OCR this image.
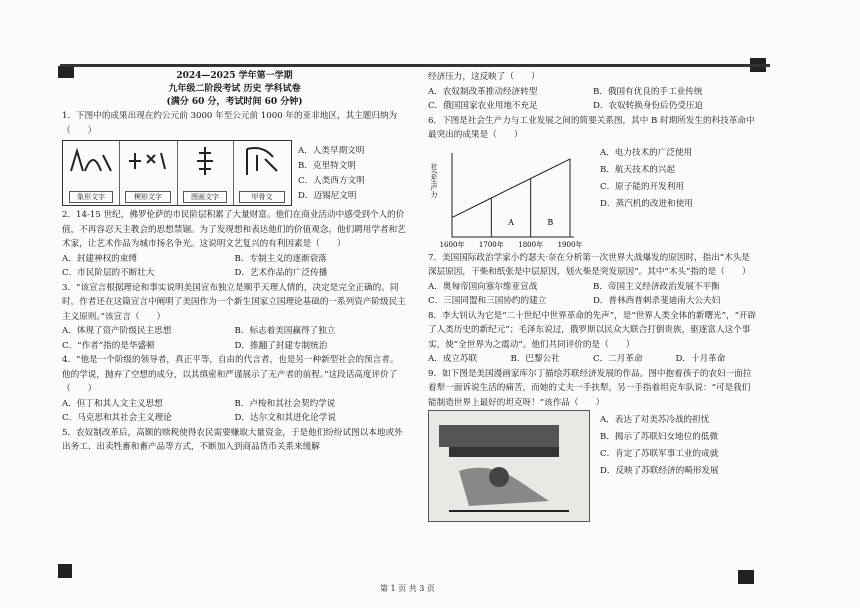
2024—2025 学年第一学期
九年级二阶段考试 历史 学科试卷
(满分 60 分，考试时间 60 分钟)

1．下图中的成果出现在约公元前 3000 年至公元前 1000 年的亚非地区，其主题归纳为（　　）

象形文字	楔形文字	图画文字	甲骨文
A．人类早期文明
B．克里特文明
C．人类西方文明
D．迈锡尼文明

2．14-15 世纪，佛罗伦萨的市民阶层积累了大量财富。他们在商业活动中感受到个人的价值，不再容忍天主教会的思想禁锢。为了发现想和表达他们的价值观念，他们聘用学者和艺术家，让艺术作品为城市扬名争光。这说明文艺复兴的有利因素是（　　）

A．封建神权的束缚	B．专制主义的逐渐衰落
C．市民阶层的不断壮大	D．艺术作品的广泛传播

3．“该宣言根据理论和事实说明美国宣布独立是顺乎天理人情的，决定是完全正确的。同时，作者还在这篇宣言中阐明了美国作为一个新生国家立国理论基础的一系列资产阶级民主主义原则。”该宣言（　　）

A．体现了资产阶级民主思想	B．标志着美国赢得了独立
C．“作者”指的是华盛顿	D．推翻了封建专制统治

4．“他是一个阶级的领导者，真正平等，自由的代言者，也是另一种新型社会的预言者。他的学说，抛弃了空想的成分，以其缜密和严谨展示了无产者的前程。”这段话高度评价了（　　）

A．但丁和其人文主义思想	B．卢梭和其社会契约学说
C．马克思和其社会主义理论	D．达尔文和其进化论学说

5．农奴制改革后，高额的赎税使得农民需要赚取大量资金，于是他们纷纷试图以本地或外出务工、出卖牲畜和畜产品等方式，不断加入到商品货币关系来缓解

经济压力，这反映了（　　）

A．农奴制改革推动经济转型	B．俄国有优良的手工业传统
C．俄国国家农业用地不充足	D．农奴转换身份后仍受压迫

6．下图是社会生产力与工业发展之间的简要关系图，其中 B 时期所发生的科技革命中最突出的成果是（　　）

1600年 1700年 1800年 1900年
A	B
社会生产力
A．电力技术的广泛使用
B．航天技术的兴起
C．原子能的开发利用
D．蒸汽机的改进和使用

7．美国国际政治学家小约瑟夫·奈在分析第一次世界大战爆发的原因时，指出“木头是深层原因，干柴和纸张是中层原因，划火柴是突发原因”。其中“木头”指的是（　　）

A．奥匈帝国向塞尔维亚宣战	B．帝国主义经济政治发展不平衡
C．三国同盟和三国协约的建立	D．普林西普刺杀斐迪南大公夫妇

8．李大钊认为它是“二十世纪中世界革命的先声”，是“世界人类全体的新曙光”，“开辟了人类历史的新纪元”；毛泽东说过，俄罗斯以民众大联合打倒贵族，驱逐富人这个事实，使“全世界为之震动”。他们共同评价的是（　　）

A．成立苏联	B．巴黎公社	C．二月革命	D．十月革命

9．如下图是美国漫画家库尔丁描绘苏联经济发展的作品。图中抱着孩子的农妇一面拉着犁一面诉说生活的痛苦，而她的丈夫一手扶犁，另一手指着坦克车队说：“可是我们能制造世界上最好的坦克呀！”该作品（　　）

A．表达了对美苏冷战的担忧
B．揭示了苏联妇女地位的低微
C．肯定了苏联军事工业的成就
D．反映了苏联经济的畸形发展
第 1 页 共 3 页
